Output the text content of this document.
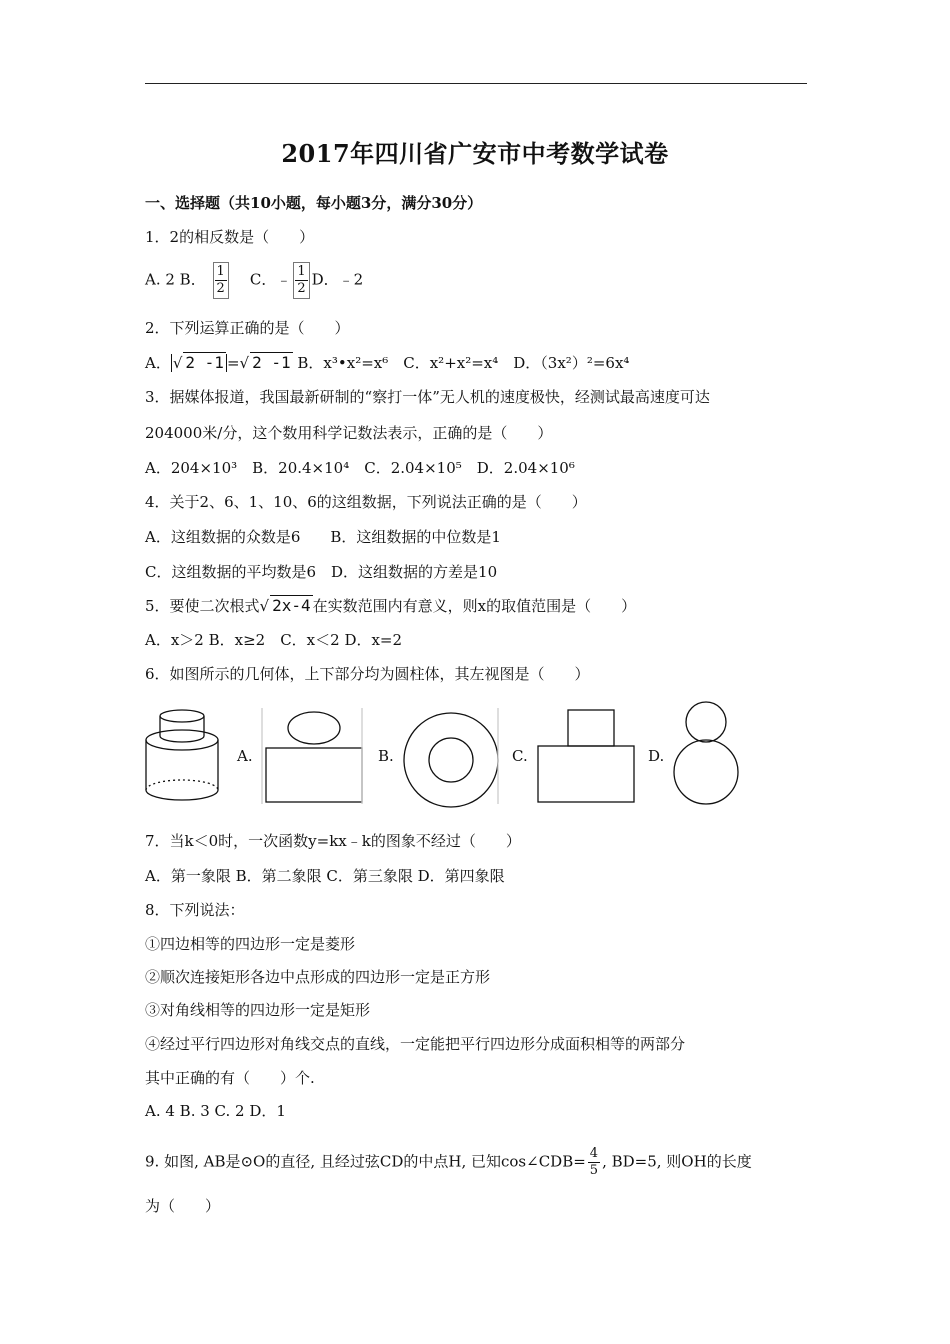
2017年四川省广安市中考数学试卷
一、选择题（共10小题，每小题3分，满分30分）
1．2的相反数是（　　）
A. 2 B． $\frac{1}{2}$ C．﹣ $\frac{1}{2}$ D．﹣2
2．下列运算正确的是（　　）
A． √ 2 -1 =√ 2 -1 B．x³•x²=x⁶　C．x²+x²=x⁴　D．（3x²）²=6x⁴
3．据媒体报道，我国最新研制的“察打一体”无人机的速度极快，经测试最高速度可达
204000米/分，这个数用科学记数法表示，正确的是（　　）
A．204×10³　B．20.4×10⁴　C．2.04×10⁵　D．2.04×10⁶
4．关于2、6、1、10、6的这组数据，下列说法正确的是（　　）
A．这组数据的众数是6　　B．这组数据的中位数是1
C．这组数据的平均数是6　D．这组数据的方差是10
5．要使二次根式√ 2x-4 在实数范围内有意义，则x的取值范围是（　　）
A．x＞2 B．x≥2　C．x＜2 D．x=2
6．如图所示的几何体，上下部分均为圆柱体，其左视图是（　　）
A.	B.	C.	D.
7．当k＜0时，一次函数y=kx﹣k的图象不经过（　　）
A．第一象限 B．第二象限 C．第三象限 D．第四象限
8．下列说法：
①四边相等的四边形一定是菱形
②顺次连接矩形各边中点形成的四边形一定是正方形
③对角线相等的四边形一定是矩形
④经过平行四边形对角线交点的直线，一定能把平行四边形分成面积相等的两部分
其中正确的有（　　）个.
A. 4 B. 3 C. 2 D．1
9. 如图, AB是⊙O的直径, 且经过弦CD的中点H, 已知cos∠CDB= $\frac{4}{5}$ , BD=5, 则OH的长度
为（　　）
